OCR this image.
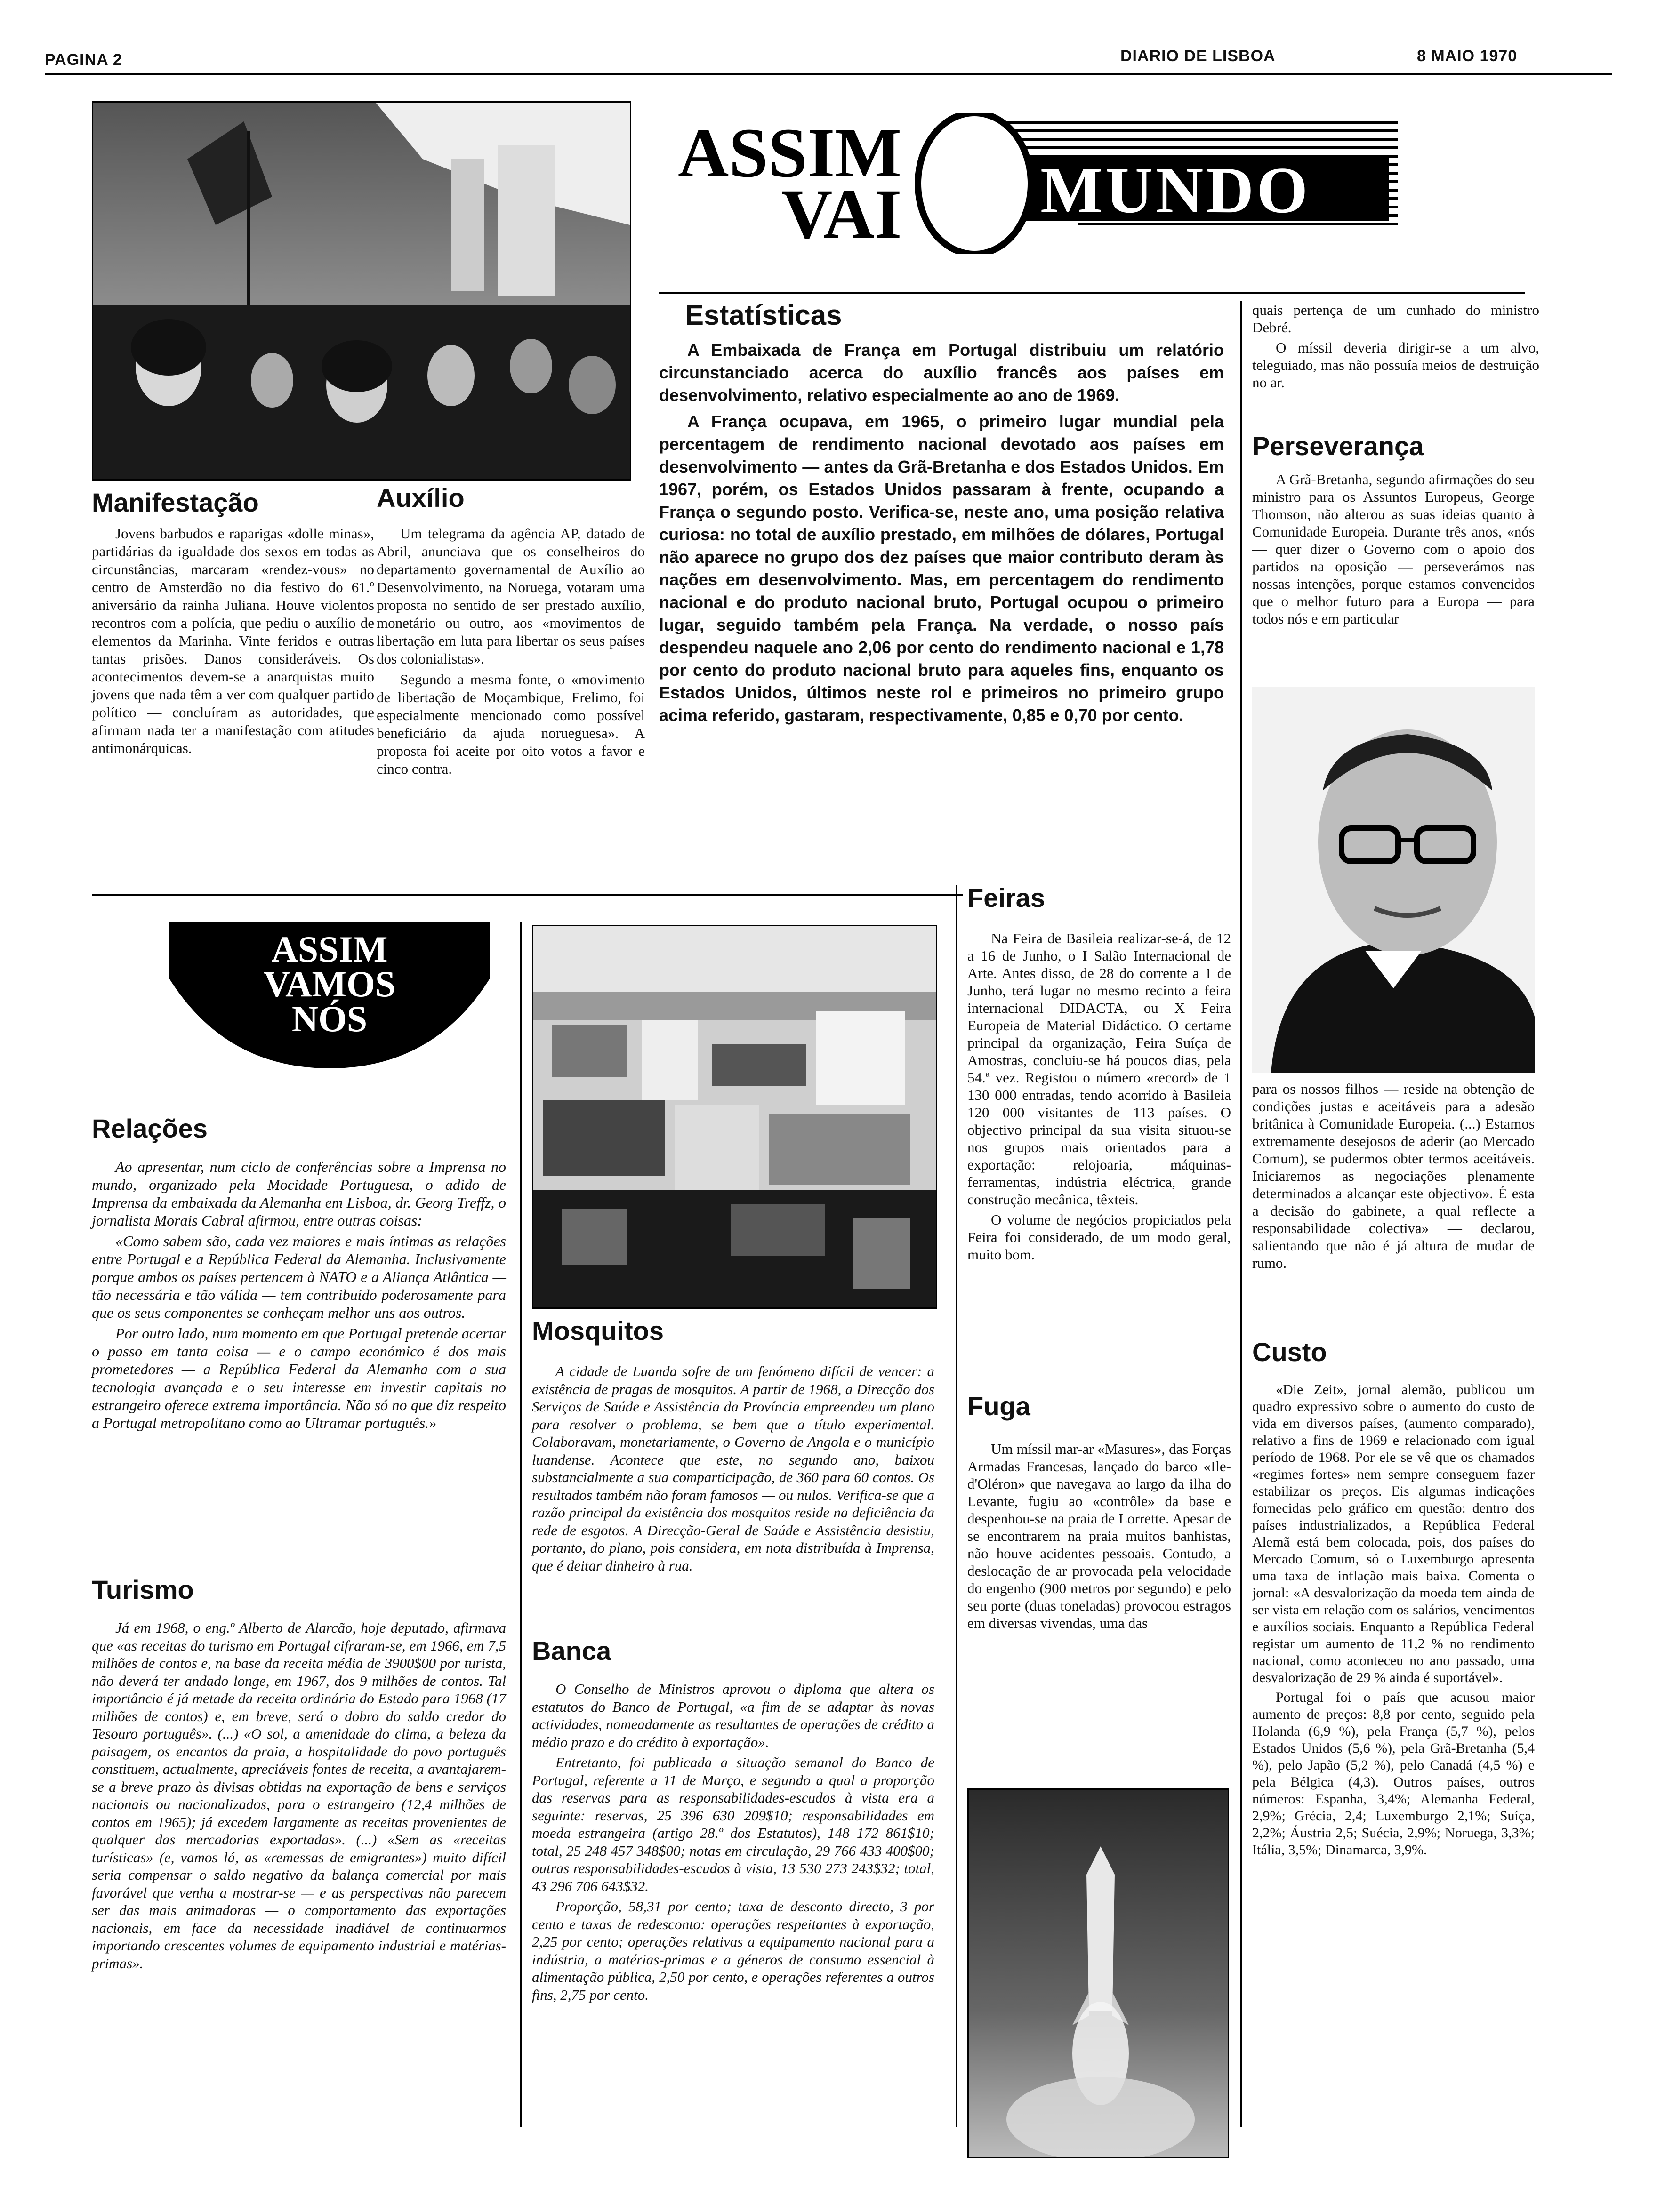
PAGINA 2	DIARIO DE LISBOA	8 MAIO 1970
Manifestação

Jovens barbudos e raparigas «dolle minas», partidárias da igualdade dos sexos em todas as circunstâncias, marcaram «rendez-vous» no centro de Amsterdão no dia festivo do 61.º aniversário da rainha Juliana. Houve violentos recontros com a polícia, que pediu o auxílio de elementos da Marinha. Vinte feridos e outras tantas prisões. Danos consideráveis. Os acontecimentos devem-se a anarquistas muito jovens que nada têm a ver com qualquer partido político — concluíram as autoridades, que afirmam nada ter a manifestação com atitudes antimonárquicas.

Auxílio

Um telegrama da agência AP, datado de Abril, anunciava que os conselheiros do departamento governamental de Auxílio ao Desenvolvimento, na Noruega, votaram uma proposta no sentido de ser prestado auxílio, monetário ou outro, aos «movimentos de libertação em luta para libertar os seus países dos colonialistas».

Segundo a mesma fonte, o «movimento de libertação de Moçambique, Frelimo, foi especialmente mencionado como possível beneficiário da ajuda norueguesa». A proposta foi aceite por oito votos a favor e cinco contra.

ASSIM
VAI MUNDO
Estatísticas

A Embaixada de França em Portugal distribuiu um relatório circunstanciado acerca do auxílio francês aos países em desenvolvimento, relativo especialmente ao ano de 1969.

A França ocupava, em 1965, o primeiro lugar mundial pela percentagem de rendimento nacional devotado aos países em desenvolvimento — antes da Grã-Bretanha e dos Estados Unidos. Em 1967, porém, os Estados Unidos passaram à frente, ocupando a França o segundo posto. Verifica-se, neste ano, uma posição relativa curiosa: no total de auxílio prestado, em milhões de dólares, Portugal não aparece no grupo dos dez países que maior contributo deram às nações em desenvolvimento. Mas, em percentagem do rendimento nacional e do produto nacional bruto, Portugal ocupou o primeiro lugar, seguido também pela França. Na verdade, o nosso país despendeu naquele ano 2,06 por cento do rendimento nacional e 1,78 por cento do produto nacional bruto para aqueles fins, enquanto os Estados Unidos, últimos neste rol e primeiros no primeiro grupo acima referido, gastaram, respectivamente, 0,85 e 0,70 por cento.

quais pertença de um cunhado do ministro Debré.

O míssil deveria dirigir-se a um alvo, teleguiado, mas não possuía meios de destruição no ar.

Perseverança

A Grã-Bretanha, segundo afirmações do seu ministro para os Assuntos Europeus, George Thomson, não alterou as suas ideias quanto à Comunidade Europeia. Durante três anos, «nós — quer dizer o Governo com o apoio dos partidos na oposição — perseverámos nas nossas intenções, porque estamos convencidos que o melhor futuro para a Europa — para todos nós e em particular

para os nossos filhos — reside na obtenção de condições justas e aceitáveis para a adesão britânica à Comunidade Europeia. (...) Estamos extremamente desejosos de aderir (ao Mercado Comum), se pudermos obter termos aceitáveis. Iniciaremos as negociações plenamente determinados a alcançar este objectivo». É esta a decisão do gabinete, a qual reflecte a responsabilidade colectiva» — declarou, salientando que não é já altura de mudar de rumo.

Custo

«Die Zeit», jornal alemão, publicou um quadro expressivo sobre o aumento do custo de vida em diversos países, (aumento comparado), relativo a fins de 1969 e relacionado com igual período de 1968. Por ele se vê que os chamados «regimes fortes» nem sempre conseguem fazer estabilizar os preços. Eis algumas indicações fornecidas pelo gráfico em questão: dentro dos países industrializados, a República Federal Alemã está bem colocada, pois, dos países do Mercado Comum, só o Luxemburgo apresenta uma taxa de inflação mais baixa. Comenta o jornal: «A desvalorização da moeda tem ainda de ser vista em relação com os salários, vencimentos e auxílios sociais. Enquanto a República Federal registar um aumento de 11,2 % no rendimento nacional, como aconteceu no ano passado, uma desvalorização de 29 % ainda é suportável».

Portugal foi o país que acusou maior aumento de preços: 8,8 por cento, seguido pela Holanda (6,9 %), pela França (5,7 %), pelos Estados Unidos (5,6 %), pela Grã-Bretanha (5,4 %), pelo Japão (5,2 %), pelo Canadá (4,5 %) e pela Bélgica (4,3). Outros países, outros números: Espanha, 3,4%; Alemanha Federal, 2,9%; Grécia, 2,4; Luxemburgo 2,1%; Suíça, 2,2%; Áustria 2,5; Suécia, 2,9%; Noruega, 3,3%; Itália, 3,5%; Dinamarca, 3,9%.

ASSIM
VAMOS
NÓS
Relações

Ao apresentar, num ciclo de conferências sobre a Imprensa no mundo, organizado pela Mocidade Portuguesa, o adido de Imprensa da embaixada da Alemanha em Lisboa, dr. Georg Treffz, o jornalista Morais Cabral afirmou, entre outras coisas:

«Como sabem são, cada vez maiores e mais íntimas as relações entre Portugal e a República Federal da Alemanha. Inclusivamente porque ambos os países pertencem à NATO e a Aliança Atlântica — tão necessária e tão válida — tem contribuído poderosamente para que os seus componentes se conheçam melhor uns aos outros.

Por outro lado, num momento em que Portugal pretende acertar o passo em tanta coisa — e o campo económico é dos mais prometedores — a República Federal da Alemanha com a sua tecnologia avançada e o seu interesse em investir capitais no estrangeiro oferece extrema importância. Não só no que diz respeito a Portugal metropolitano como ao Ultramar português.»

Turismo

Já em 1968, o eng.º Alberto de Alarcão, hoje deputado, afirmava que «as receitas do turismo em Portugal cifraram-se, em 1966, em 7,5 milhões de contos e, na base da receita média de 3900$00 por turista, não deverá ter andado longe, em 1967, dos 9 milhões de contos. Tal importância é já metade da receita ordinária do Estado para 1968 (17 milhões de contos) e, em breve, será o dobro do saldo credor do Tesouro português». (...) «O sol, a amenidade do clima, a beleza da paisagem, os encantos da praia, a hospitalidade do povo português constituem, actualmente, apreciáveis fontes de receita, a avantajarem-se a breve prazo às divisas obtidas na exportação de bens e serviços nacionais ou nacionalizados, para o estrangeiro (12,4 milhões de contos em 1965); já excedem largamente as receitas provenientes de qualquer das mercadorias exportadas». (...) «Sem as «receitas turísticas» (e, vamos lá, as «remessas de emigrantes») muito difícil seria compensar o saldo negativo da balança comercial por mais favorável que venha a mostrar-se — e as perspectivas não parecem ser das mais animadoras — o comportamento das exportações nacionais, em face da necessidade inadiável de continuarmos importando crescentes volumes de equipamento industrial e matérias-primas».

Mosquitos

A cidade de Luanda sofre de um fenómeno difícil de vencer: a existência de pragas de mosquitos. A partir de 1968, a Direcção dos Serviços de Saúde e Assistência da Província empreendeu um plano para resolver o problema, se bem que a título experimental. Colaboravam, monetariamente, o Governo de Angola e o município luandense. Acontece que este, no segundo ano, baixou substancialmente a sua comparticipação, de 360 para 60 contos. Os resultados também não foram famosos — ou nulos. Verifica-se que a razão principal da existência dos mosquitos reside na deficiência da rede de esgotos. A Direcção-Geral de Saúde e Assistência desistiu, portanto, do plano, pois considera, em nota distribuída à Imprensa, que é deitar dinheiro à rua.

Banca

O Conselho de Ministros aprovou o diploma que altera os estatutos do Banco de Portugal, «a fim de se adaptar às novas actividades, nomeadamente as resultantes de operações de crédito a médio prazo e do crédito à exportação».

Entretanto, foi publicada a situação semanal do Banco de Portugal, referente a 11 de Março, e segundo a qual a proporção das reservas para as responsabilidades-escudos à vista era a seguinte: reservas, 25 396 630 209$10; responsabilidades em moeda estrangeira (artigo 28.º dos Estatutos), 148 172 861$10; total, 25 248 457 348$00; notas em circulação, 29 766 433 400$00; outras responsabilidades-escudos à vista, 13 530 273 243$32; total, 43 296 706 643$32.

Proporção, 58,31 por cento; taxa de desconto directo, 3 por cento e taxas de redesconto: operações respeitantes à exportação, 2,25 por cento; operações relativas a equipamento nacional para a indústria, a matérias-primas e a géneros de consumo essencial à alimentação pública, 2,50 por cento, e operações referentes a outros fins, 2,75 por cento.

Feiras

Na Feira de Basileia realizar-se-á, de 12 a 16 de Junho, o I Salão Internacional de Arte. Antes disso, de 28 do corrente a 1 de Junho, terá lugar no mesmo recinto a feira internacional DIDACTA, ou X Feira Europeia de Material Didáctico. O certame principal da organização, Feira Suíça de Amostras, concluiu-se há poucos dias, pela 54.ª vez. Registou o número «record» de 1 130 000 entradas, tendo acorrido à Basileia 120 000 visitantes de 113 países. O objectivo principal da sua visita situou-se nos grupos mais orientados para a exportação: relojoaria, máquinas-ferramentas, indústria eléctrica, grande construção mecânica, têxteis.

O volume de negócios propiciados pela Feira foi considerado, de um modo geral, muito bom.

Fuga

Um míssil mar-ar «Masures», das Forças Armadas Francesas, lançado do barco «Ile-d'Oléron» que navegava ao largo da ilha do Levante, fugiu ao «contrôle» da base e despenhou-se na praia de Lorrette. Apesar de se encontrarem na praia muitos banhistas, não houve acidentes pessoais. Contudo, a deslocação de ar provocada pela velocidade do engenho (900 metros por segundo) e pelo seu porte (duas toneladas) provocou estragos em diversas vivendas, uma das
